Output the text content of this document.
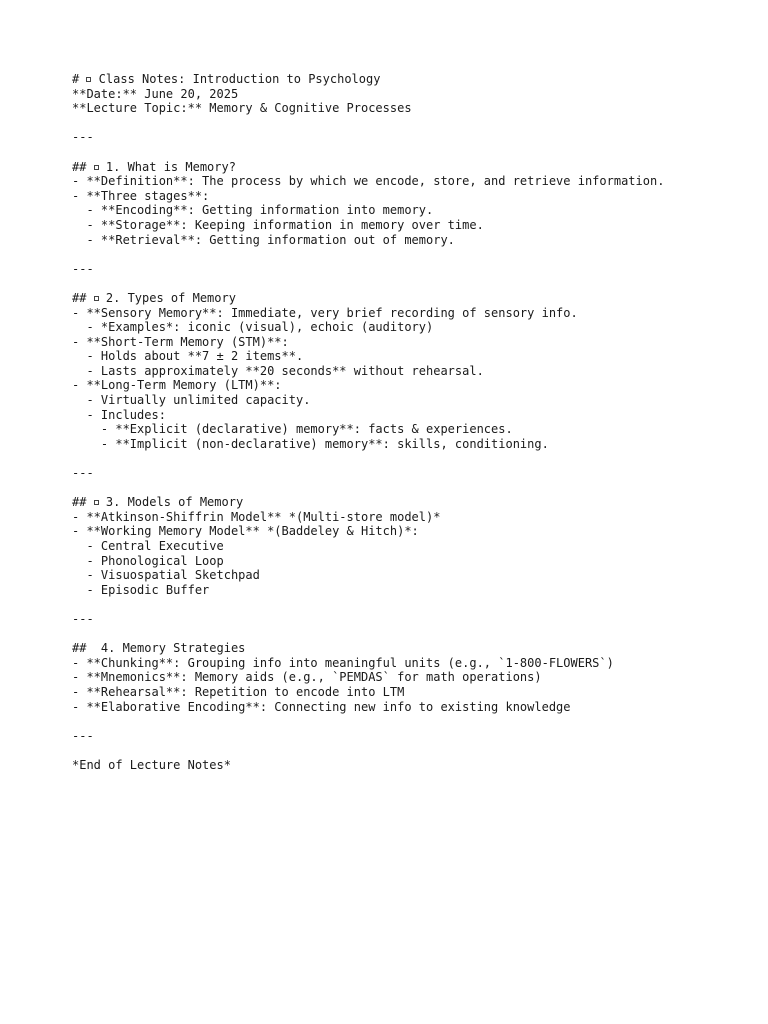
#  Class Notes: Introduction to Psychology
**Date:** June 20, 2025
**Lecture Topic:** Memory & Cognitive Processes
---
##  1. What is Memory?
- **Definition**: The process by which we encode, store, and retrieve information.
- **Three stages**:
- **Encoding**: Getting information into memory.
- **Storage**: Keeping information in memory over time.
- **Retrieval**: Getting information out of memory.
---
##  2. Types of Memory
- **Sensory Memory**: Immediate, very brief recording of sensory info.
- *Examples*: iconic (visual), echoic (auditory)
- **Short-Term Memory (STM)**:
- Holds about **7 ± 2 items**.
- Lasts approximately **20 seconds** without rehearsal.
- **Long-Term Memory (LTM)**:
- Virtually unlimited capacity.
- Includes:
- **Explicit (declarative) memory**: facts & experiences.
- **Implicit (non-declarative) memory**: skills, conditioning.
---
##  3. Models of Memory
- **Atkinson-Shiffrin Model** *(Multi-store model)*
- **Working Memory Model** *(Baddeley & Hitch)*:
- Central Executive
- Phonological Loop
- Visuospatial Sketchpad
- Episodic Buffer
---
##  4. Memory Strategies
- **Chunking**: Grouping info into meaningful units (e.g., `1-800-FLOWERS`)
- **Mnemonics**: Memory aids (e.g., `PEMDAS` for math operations)
- **Rehearsal**: Repetition to encode into LTM
- **Elaborative Encoding**: Connecting new info to existing knowledge
---
*End of Lecture Notes*
